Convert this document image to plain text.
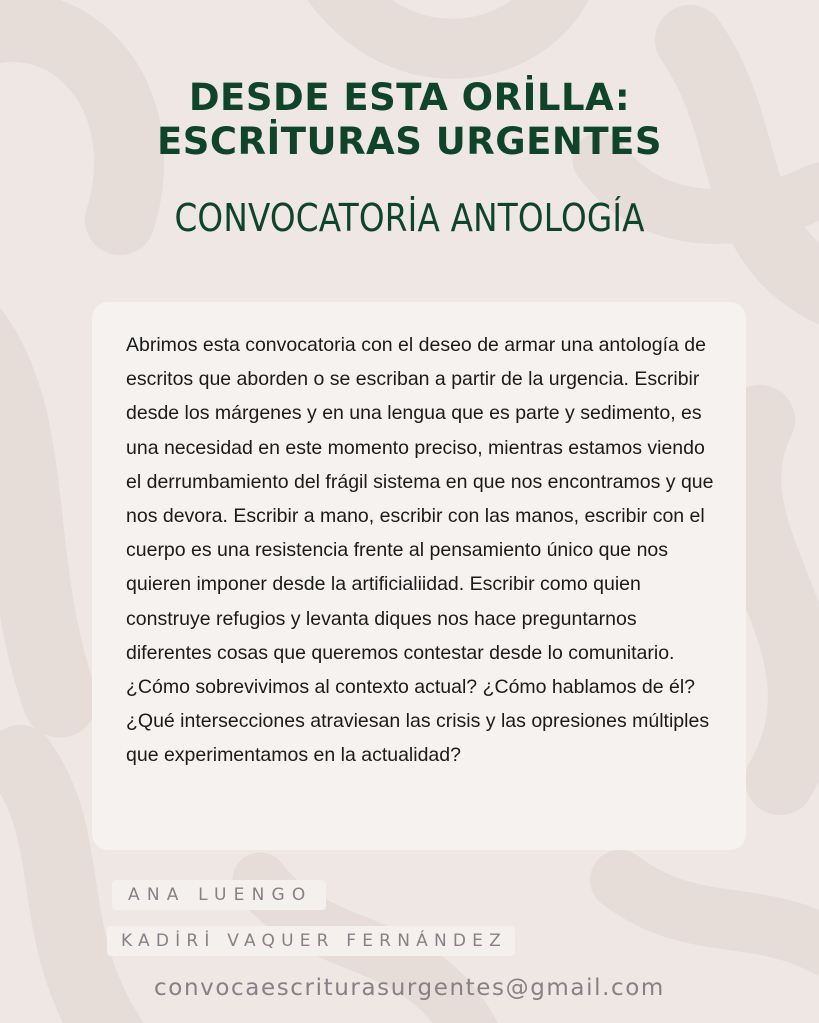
DESDE ESTA ORİLLA:
ESCRİTURAS URGENTES
CONVOCATORİA ANTOLOGÍA

Abrimos esta convocatoria con el deseo de armar una antología de escritos que aborden o se escriban a partir de la urgencia. Escribir desde los márgenes y en una lengua que es parte y sedimento, es una necesidad en este momento preciso, mientras estamos viendo el derrumbamiento del frágil sistema en que nos encontramos y que nos devora. Escribir a mano, escribir con las manos, escribir con el cuerpo es una resistencia frente al pensamiento único que nos quieren imponer desde la artificialiidad. Escribir como quien construye refugios y levanta diques nos hace preguntarnos diferentes cosas que queremos contestar desde lo comunitario. ¿Cómo sobrevivimos al contexto actual? ¿Cómo hablamos de él? ¿Qué intersecciones atraviesan las crisis y las opresiones múltiples que experimentamos en la actualidad?

ANA LUENGO
KADİRİ VAQUER FERNÁNDEZ
convocaescriturasurgentes@gmail.com
